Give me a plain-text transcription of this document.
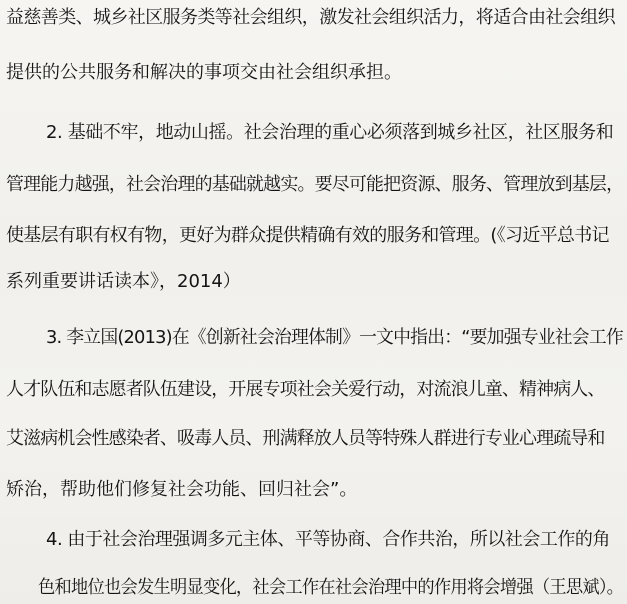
益慈善类、城乡社区服务类等社会组织，激发社会组织活力，将适合由社会组织
提供的公共服务和解决的事项交由社会组织承担。
2. 基础不牢，地动山摇。社会治理的重心必须落到城乡社区，社区服务和
管理能力越强，社会治理的基础就越实。要尽可能把资源、服务、管理放到基层，
使基层有职有权有物，更好为群众提供精确有效的服务和管理。(《习近平总书记
系列重要讲话读本》，2014）
3. 李立国(2013)在《创新社会治理体制》一文中指出：“要加强专业社会工作
人才队伍和志愿者队伍建设，开展专项社会关爱行动，对流浪儿童、精神病人、
艾滋病机会性感染者、吸毒人员、刑满释放人员等特殊人群进行专业心理疏导和
矫治，帮助他们修复社会功能、回归社会”。
4. 由于社会治理强调多元主体、平等协商、合作共治，所以社会工作的角
色和地位也会发生明显变化，社会工作在社会治理中的作用将会增强（王思斌）。
